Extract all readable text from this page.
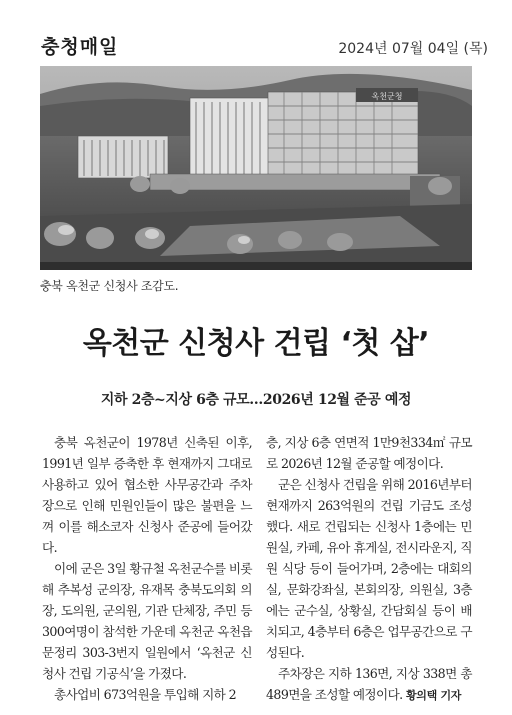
충청매일	2024년 07월 04일 (목)
옥천군청
충북 옥천군 신청사 조감도.
옥천군 신청사 건립 ‘첫 삽’
지하 2층~지상 6층 규모…2026년 12월 준공 예정

충북 옥천군이 1978년 신축된 이후, 1991년 일부 증축한 후 현재까지 그대로 사용하고 있어 협소한 사무공간과 주차장으로 인해 민원인들이 많은 불편을 느껴 이를 해소코자 신청사 준공에 들어갔다.

이에 군은 3일 황규철 옥천군수를 비롯해 추복성 군의장, 유재목 충북도의회 의장, 도의원, 군의원, 기관 단체장, 주민 등 300여명이 참석한 가운데 옥천군 옥천읍 문정리 303-3번지 일원에서 ‘옥천군 신청사 건립 기공식’을 가졌다.

총사업비 673억원을 투입해 지하 2

층, 지상 6층 연면적 1만9천334㎡ 규모로 2026년 12월 준공할 예정이다.

군은 신청사 건립을 위해 2016년부터 현재까지 263억원의 건립 기금도 조성했다. 새로 건립되는 신청사 1층에는 민원실, 카페, 유아 휴게실, 전시라운지, 직원 식당 등이 들어가며, 2층에는 대회의실, 문화강좌실, 본회의장, 의원실, 3층에는 군수실, 상황실, 간담회실 등이 배치되고, 4층부터 6층은 업무공간으로 구성된다.

주차장은 지하 136면, 지상 338면 총 489면을 조성할 예정이다. 황의택 기자
